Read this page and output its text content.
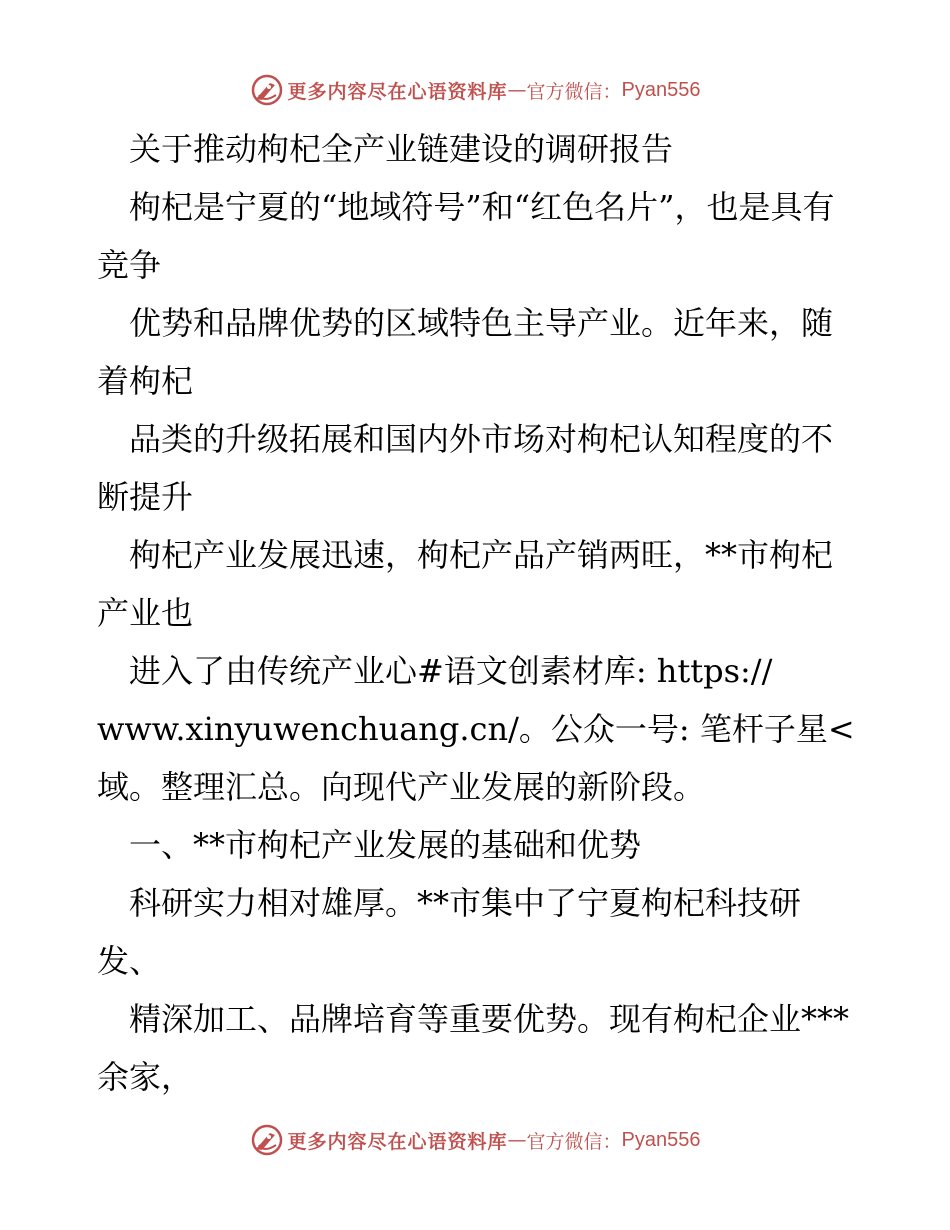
更多内容尽在心语资料库 — 官方微信： Pyan556

　关于推动枸杞全产业链建设的调研报告

　枸杞是宁夏的“地域符号”和“红色名片”，也是具有竞争

　优势和品牌优势的区域特色主导产业。近年来，随着枸杞

　品类的升级拓展和国内外市场对枸杞认知程度的不断提升

　枸杞产业发展迅速，枸杞产品产销两旺，**市枸杞产业也

　进入了由传统产业心#语文创素材库: https:// www.xinyuwenchuang.cn/。公众一号: 笔杆子星< 域。整理汇总。向现代产业发展的新阶段。

　一、**市枸杞产业发展的基础和优势

　科研实力相对雄厚。**市集中了宁夏枸杞科技研发、

　精深加工、品牌培育等重要优势。现有枸杞企业***余家，

更多内容尽在心语资料库 — 官方微信： Pyan556
